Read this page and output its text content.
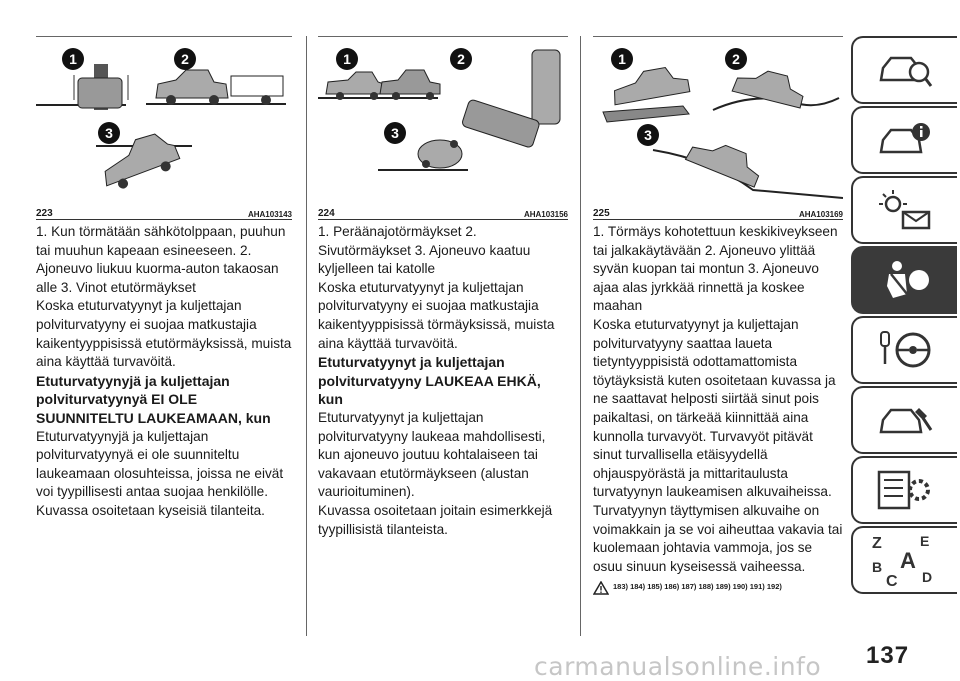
1	2
3
223	AHA103143

1. Kun törmätään sähkötolppaan, puuhun tai muuhun kapeaan esineeseen. 2. Ajoneuvo liukuu kuorma-auton takaosan alle 3. Vinot etutörmäykset

Koska etuturvatyynyt ja kuljettajan polviturvatyyny ei suojaa matkustajia kaikentyyppisissä etutörmäyksissä, muista aina käyttää turvavöitä.

Etuturvatyynyjä ja kuljettajan polviturvatyynyä EI OLE SUUNNITELTU LAUKEAMAAN, kun

Etuturvatyynyjä ja kuljettajan polviturvatyynyä ei ole suunniteltu laukeamaan olosuhteissa, joissa ne eivät voi tyypillisesti antaa suojaa henkilölle.

Kuvassa osoitetaan kyseisiä tilanteita.

1	2
3
224	AHA103156

1. Peräänajotörmäykset 2. Sivutörmäykset 3. Ajoneuvo kaatuu kyljelleen tai katolle

Koska etuturvatyynyt ja kuljettajan polviturvatyyny ei suojaa matkustajia kaikentyyppisissä törmäyksissä, muista aina käyttää turvavöitä.

Etuturvatyynyt ja kuljettajan polviturvatyyny LAUKEAA EHKÄ, kun

Etuturvatyynyt ja kuljettajan polviturvatyyny laukeaa mahdollisesti, kun ajoneuvo joutuu kohtalaiseen tai vakavaan etutörmäykseen (alustan vaurioituminen).

Kuvassa osoitetaan joitain esimerkkejä tyypillisistä tilanteista.

1	2
3
225	AHA103169

1. Törmäys kohotettuun keskikiveykseen tai jalkakäytävään 2. Ajoneuvo ylittää syvän kuopan tai montun 3. Ajoneuvo ajaa alas jyrkkää rinnettä ja koskee maahan

Koska etuturvatyynyt ja kuljettajan polviturvatyyny saattaa laueta tietyntyyppisistä odottamattomista töytäyksistä kuten osoitetaan kuvassa ja ne saattavat helposti siirtää sinut pois paikaltasi, on tärkeää kiinnittää aina kunnolla turvavyöt. Turvavyöt pitävät sinut turvallisella etäisyydellä ohjauspyörästä ja mittaritaulusta turvatyynyn laukeamisen alkuvaiheissa. Turvatyynyn täyttymisen alkuvaihe on voimakkain ja se voi aiheuttaa vakavia tai kuolemaan johtavia vammoja, jos se osuu sinuun kyseisessä vaiheessa.

183) 184) 185) 186) 187) 188) 189) 190) 191) 192)
Z	E
B A
C D
carmanualsonline.info 137
